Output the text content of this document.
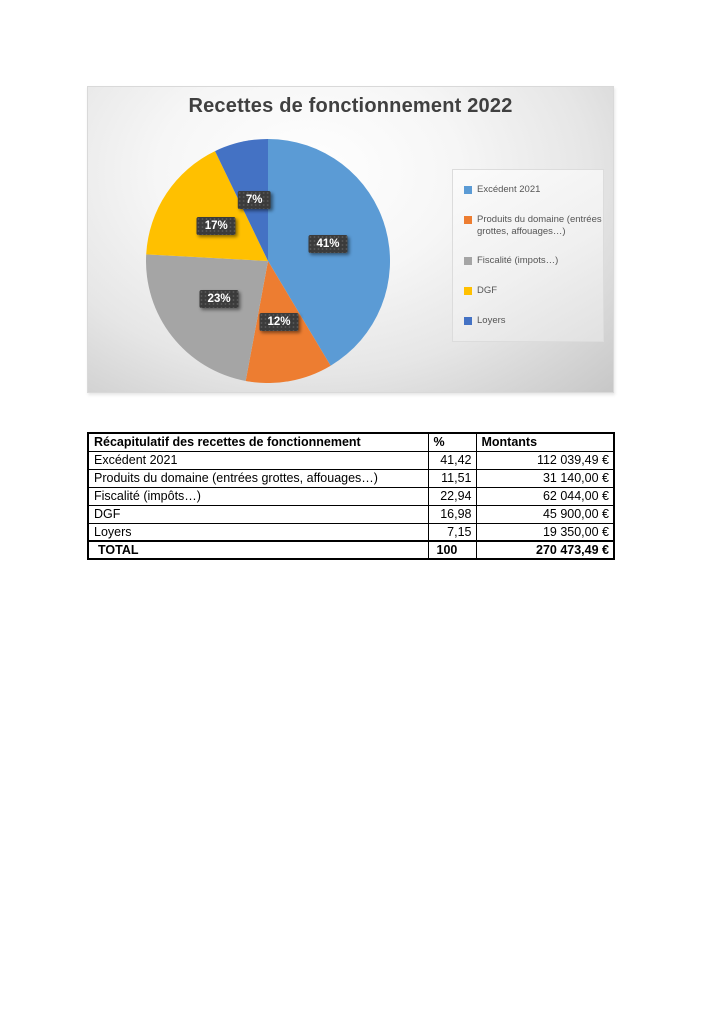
Recettes de fonctionnement 2022
41%
12%
23%
17%
7%
Excédent 2021
Produits du domaine (entrées
grottes, affouages…)
Fiscalité (impots…)
DGF
Loyers
Récapitulatif des recettes de fonctionnement	%	Montants
Excédent 2021	41,42	112 039,49 €
Produits du domaine (entrées grottes, affouages…)	11,51	31 140,00 €
Fiscalité (impôts…)	22,94	62 044,00 €
DGF	16,98	45 900,00 €
Loyers	7,15	19 350,00 €
TOTAL	100	270 473,49 €
